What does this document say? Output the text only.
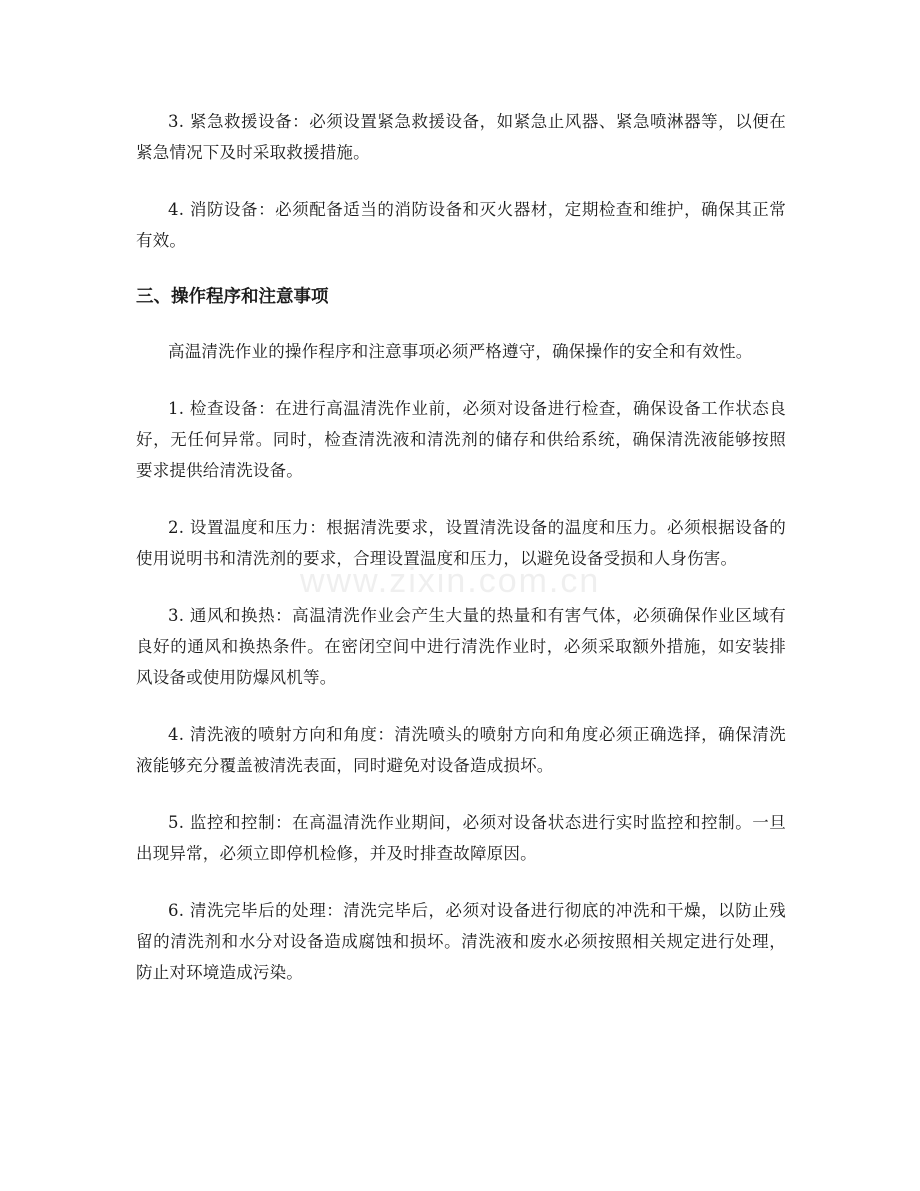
3. 紧急救援设备：必须设置紧急救援设备，如紧急止风器、紧急喷淋器等，以便在紧急情况下及时采取救援措施。

4. 消防设备：必须配备适当的消防设备和灭火器材，定期检查和维护，确保其正常有效。

三、操作程序和注意事项

高温清洗作业的操作程序和注意事项必须严格遵守，确保操作的安全和有效性。

1. 检查设备：在进行高温清洗作业前，必须对设备进行检查，确保设备工作状态良好，无任何异常。同时，检查清洗液和清洗剂的储存和供给系统，确保清洗液能够按照要求提供给清洗设备。

2. 设置温度和压力：根据清洗要求，设置清洗设备的温度和压力。必须根据设备的使用说明书和清洗剂的要求，合理设置温度和压力，以避免设备受损和人身伤害。

3. 通风和换热：高温清洗作业会产生大量的热量和有害气体，必须确保作业区域有良好的通风和换热条件。在密闭空间中进行清洗作业时，必须采取额外措施，如安装排风设备或使用防爆风机等。

4. 清洗液的喷射方向和角度：清洗喷头的喷射方向和角度必须正确选择，确保清洗液能够充分覆盖被清洗表面，同时避免对设备造成损坏。

5. 监控和控制：在高温清洗作业期间，必须对设备状态进行实时监控和控制。一旦出现异常，必须立即停机检修，并及时排查故障原因。

6. 清洗完毕后的处理：清洗完毕后，必须对设备进行彻底的冲洗和干燥，以防止残留的清洗剂和水分对设备造成腐蚀和损坏。清洗液和废水必须按照相关规定进行处理，防止对环境造成污染。

www.zixin.com.cn
